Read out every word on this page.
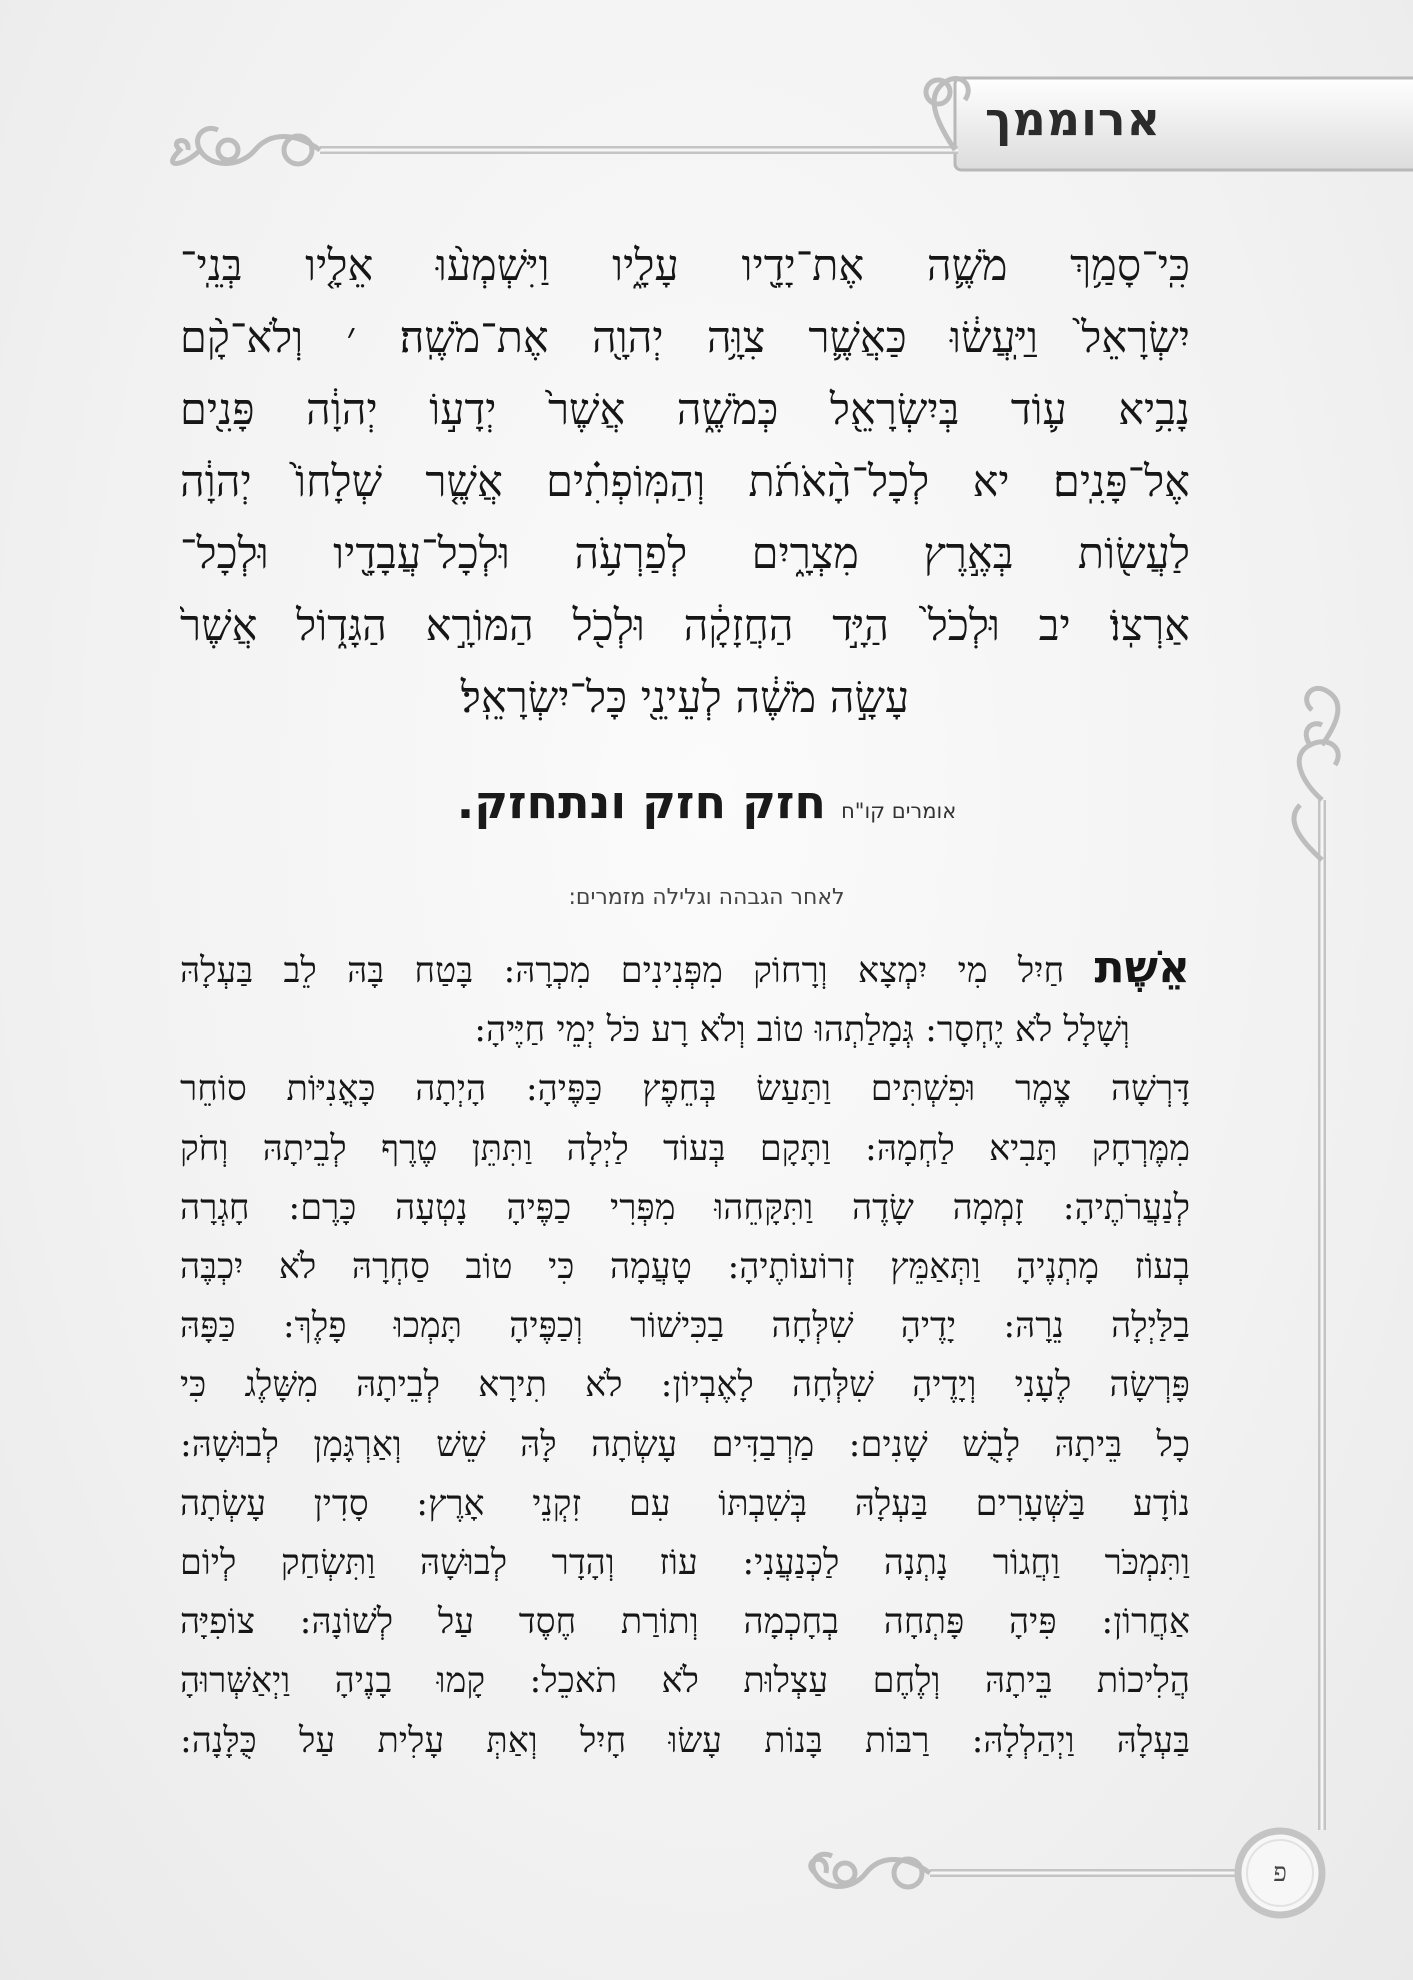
ארוממך
כִּֽי־סָמַ֥ךְ מֹשֶׁ֛ה אֶת־יָדָ֖יו עָלָ֑יו וַיִּשְׁמְע֨וּ אֵלָ֤יו בְּנֵֽי־
יִשְׂרָאֵל֙ וַיַּֽעֲשׂ֔וּ כַּאֲשֶׁ֛ר צִוָּ֥ה יְהוָ֖ה אֶת־מֹשֶֽׁה׃ ׳ וְלֹא־קָ֨ם
נָבִ֥יא ע֛וֹד בְּיִשְׂרָאֵ֖ל כְּמֹשֶׁ֑ה אֲשֶׁר֙ יְדָע֣וֹ יְהוָ֔ה פָּנִ֖ים
אֶל־פָּנִֽים׃ יא לְכָל־הָ֨אֹתֹ֜ת וְהַמּֽוֹפְתִ֗ים אֲשֶׁ֤ר שְׁלָחוֹ֙ יְהוָ֔ה
לַעֲשׂ֖וֹת בְּאֶ֣רֶץ מִצְרָ֑יִם לְפַרְעֹ֥ה וּלְכָל־עֲבָדָ֖יו וּלְכָל־
אַרְצֽוֹ׃ יב וּלְכֹל֙ הַיָּ֣ד הַחֲזָקָ֔ה וּלְכֹ֖ל הַמּוֹרָ֣א הַגָּד֑וֹל אֲשֶׁר֙
עָשָׂ֣ה מֹשֶׁ֔ה לְעֵינֵ֖י כָּל־יִשְׂרָאֵֽל׃
אומרים קו"ח חזק חזק ונתחזק.
לאחר הגבהה וגלילה מזמרים:
אֵשֶׁת חַיִל מִי יִמְצָא וְרָחוֹק מִפְּנִינִים מִכְרָהּ: בָּטַח בָּהּ לֵב בַּעְלָהּ
וְשָׁלָל לֹא יֶחְסָר: גְּמָלַתְהוּ טוֹב וְלֹא רָע כֹּל יְמֵי חַיֶּיהָ:
דָּרְשָׁה צֶמֶר וּפִשְׁתִּים וַתַּעַשׂ בְּחֵפֶץ כַּפֶּיהָ: הָיְתָה כָּאֳנִיּוֹת סוֹחֵר
מִמֶּרְחָק תָּבִיא לַחְמָהּ: וַתָּקָם בְּעוֹד לַיְלָה וַתִּתֵּן טֶרֶף לְבֵיתָהּ וְחֹק
לְנַעֲרֹתֶיהָ: זָמְמָה שָׂדֶה וַתִּקָּחֵהוּ מִפְּרִי כַפֶּיהָ נָטְעָה כָּרֶם: חָגְרָה
בְעוֹז מָתְנֶיהָ וַתְּאַמֵּץ זְרוֹעוֹתֶיהָ: טָעֲמָה כִּי טוֹב סַחְרָהּ לֹא יִכְבֶּה
בַלַּיְלָה נֵרָהּ: יָדֶיהָ שִׁלְּחָה בַכִּישׁוֹר וְכַפֶּיהָ תָּמְכוּ פָלֶךְ: כַּפָּהּ
פָּרְשָׂה לֶעָנִי וְיָדֶיהָ שִׁלְּחָה לָאֶבְיוֹן: לֹא תִירָא לְבֵיתָהּ מִשָּׁלֶג כִּי
כָל בֵּיתָהּ לָבֻשׁ שָׁנִים: מַרְבַדִּים עָשְׂתָה לָּהּ שֵׁשׁ וְאַרְגָּמָן לְבוּשָׁהּ:
נוֹדָע בַּשְּׁעָרִים בַּעְלָהּ בְּשִׁבְתּוֹ עִם זִקְנֵי אָרֶץ: סָדִין עָשְׂתָה
וַתִּמְכֹּר וַחֲגוֹר נָתְנָה לַכְּנַעֲנִי: עוֹז וְהָדָר לְבוּשָׁהּ וַתִּשְׂחַק לְיוֹם
אַחֲרוֹן: פִּיהָ פָּתְחָה בְחָכְמָה וְתוֹרַת חֶסֶד עַל לְשׁוֹנָהּ: צוֹפִיָּה
הֲלִיכוֹת בֵּיתָהּ וְלֶחֶם עַצְלוּת לֹא תֹאכֵל: קָמוּ בָנֶיהָ וַיְאַשְּׁרוּהָ
בַּעְלָהּ וַיְהַלְלָהּ: רַבּוֹת בָּנוֹת עָשׂוּ חָיִל וְאַתְּ עָלִית עַל כֻּלָּנָה:
פ
